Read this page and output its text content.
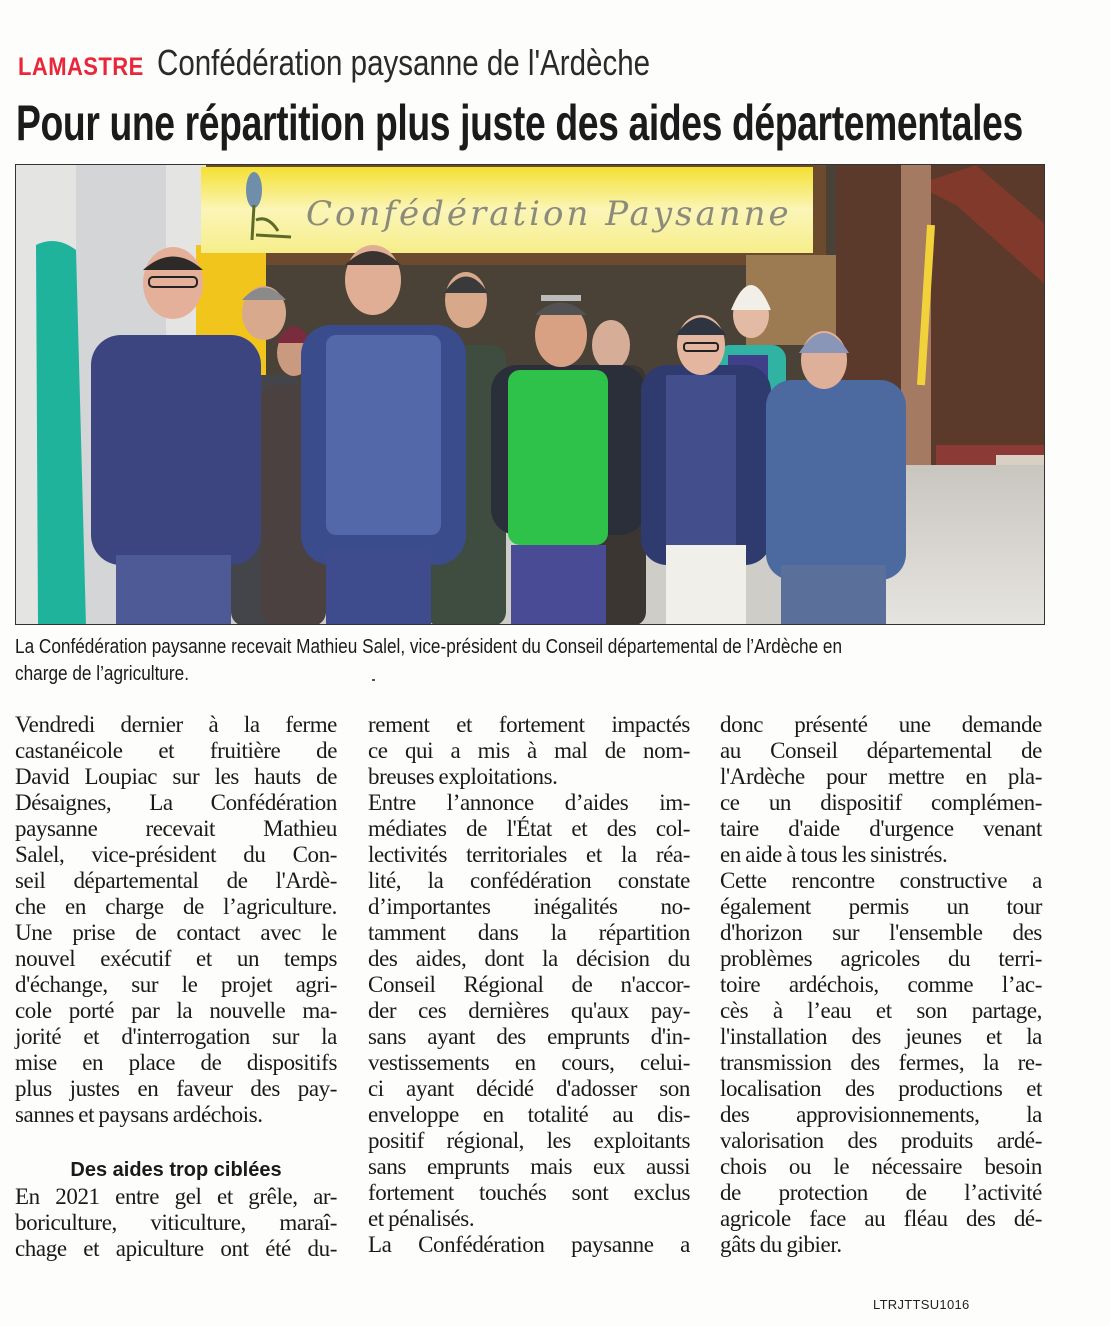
LAMASTRE Confédération paysanne de l'Ardèche
Pour une répartition plus juste des aides départementales
Confédération Paysanne

La Confédération paysanne recevait Mathieu Salel, vice-président du Conseil départemental de l’Ardèche en
charge de l’agriculture.

Vendredi dernier à la ferme
castanéicole et fruitière de
David Loupiac sur les hauts de
Désaignes, La Confédération
paysanne recevait Mathieu
Salel, vice-président du Con-
seil départemental de l'Ardè-
che en charge de l’agriculture.
Une prise de contact avec le
nouvel exécutif et un temps
d'échange, sur le projet agri-
cole porté par la nouvelle ma-
jorité et d'interrogation sur la
mise en place de dispositifs
plus justes en faveur des pay-
sannes et paysans ardéchois.
Des aides trop ciblées
En 2021 entre gel et grêle, ar-
boriculture, viticulture, maraî-
chage et apiculture ont été du-
rement et fortement impactés
ce qui a mis à mal de nom-
breuses exploitations.
Entre l’annonce d’aides im-
médiates de l'État et des col-
lectivités territoriales et la réa-
lité, la confédération constate
d’importantes inégalités no-
tamment dans la répartition
des aides, dont la décision du
Conseil Régional de n'accor-
der ces dernières qu'aux pay-
sans ayant des emprunts d'in-
vestissements en cours, celui-
ci ayant décidé d'adosser son
enveloppe en totalité au dis-
positif régional, les exploitants
sans emprunts mais eux aussi
fortement touchés sont exclus
et pénalisés.
La Confédération paysanne a
donc présenté une demande
au Conseil départemental de
l'Ardèche pour mettre en pla-
ce un dispositif complémen-
taire d'aide d'urgence venant
en aide à tous les sinistrés.
Cette rencontre constructive a
également permis un tour
d'horizon sur l'ensemble des
problèmes agricoles du terri-
toire ardéchois, comme l’ac-
cès à l’eau et son partage,
l'installation des jeunes et la
transmission des fermes, la re-
localisation des productions et
des approvisionnements, la
valorisation des produits ardé-
chois ou le nécessaire besoin
de protection de l’activité
agricole face au fléau des dé-
gâts du gibier.
LTRJTTSU1016
